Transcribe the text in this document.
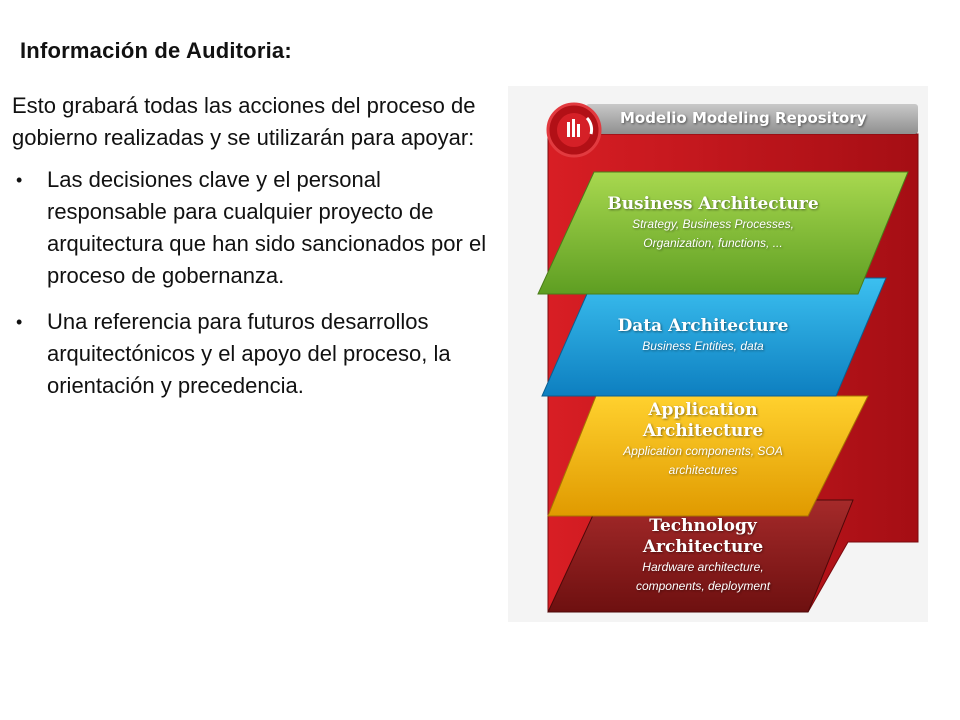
Información de Auditoria:

Esto grabará todas las acciones del proceso de gobierno realizadas y se utilizarán para apoyar:

• Las decisiones clave y el personal responsable para cualquier proyecto de arquitectura que han sido sancionados por el proceso de gobernanza.
• Una referencia para futuros desarrollos arquitectónicos y el apoyo del proceso, la orientación y precedencia.
Modelio Modeling Repository
Business Architecture
Strategy, Business Processes,
Organization, functions, ...
Data Architecture
Business Entities, data
Application
Architecture
Application components, SOA
architectures
Technology
Architecture
Hardware architecture,
components, deployment
